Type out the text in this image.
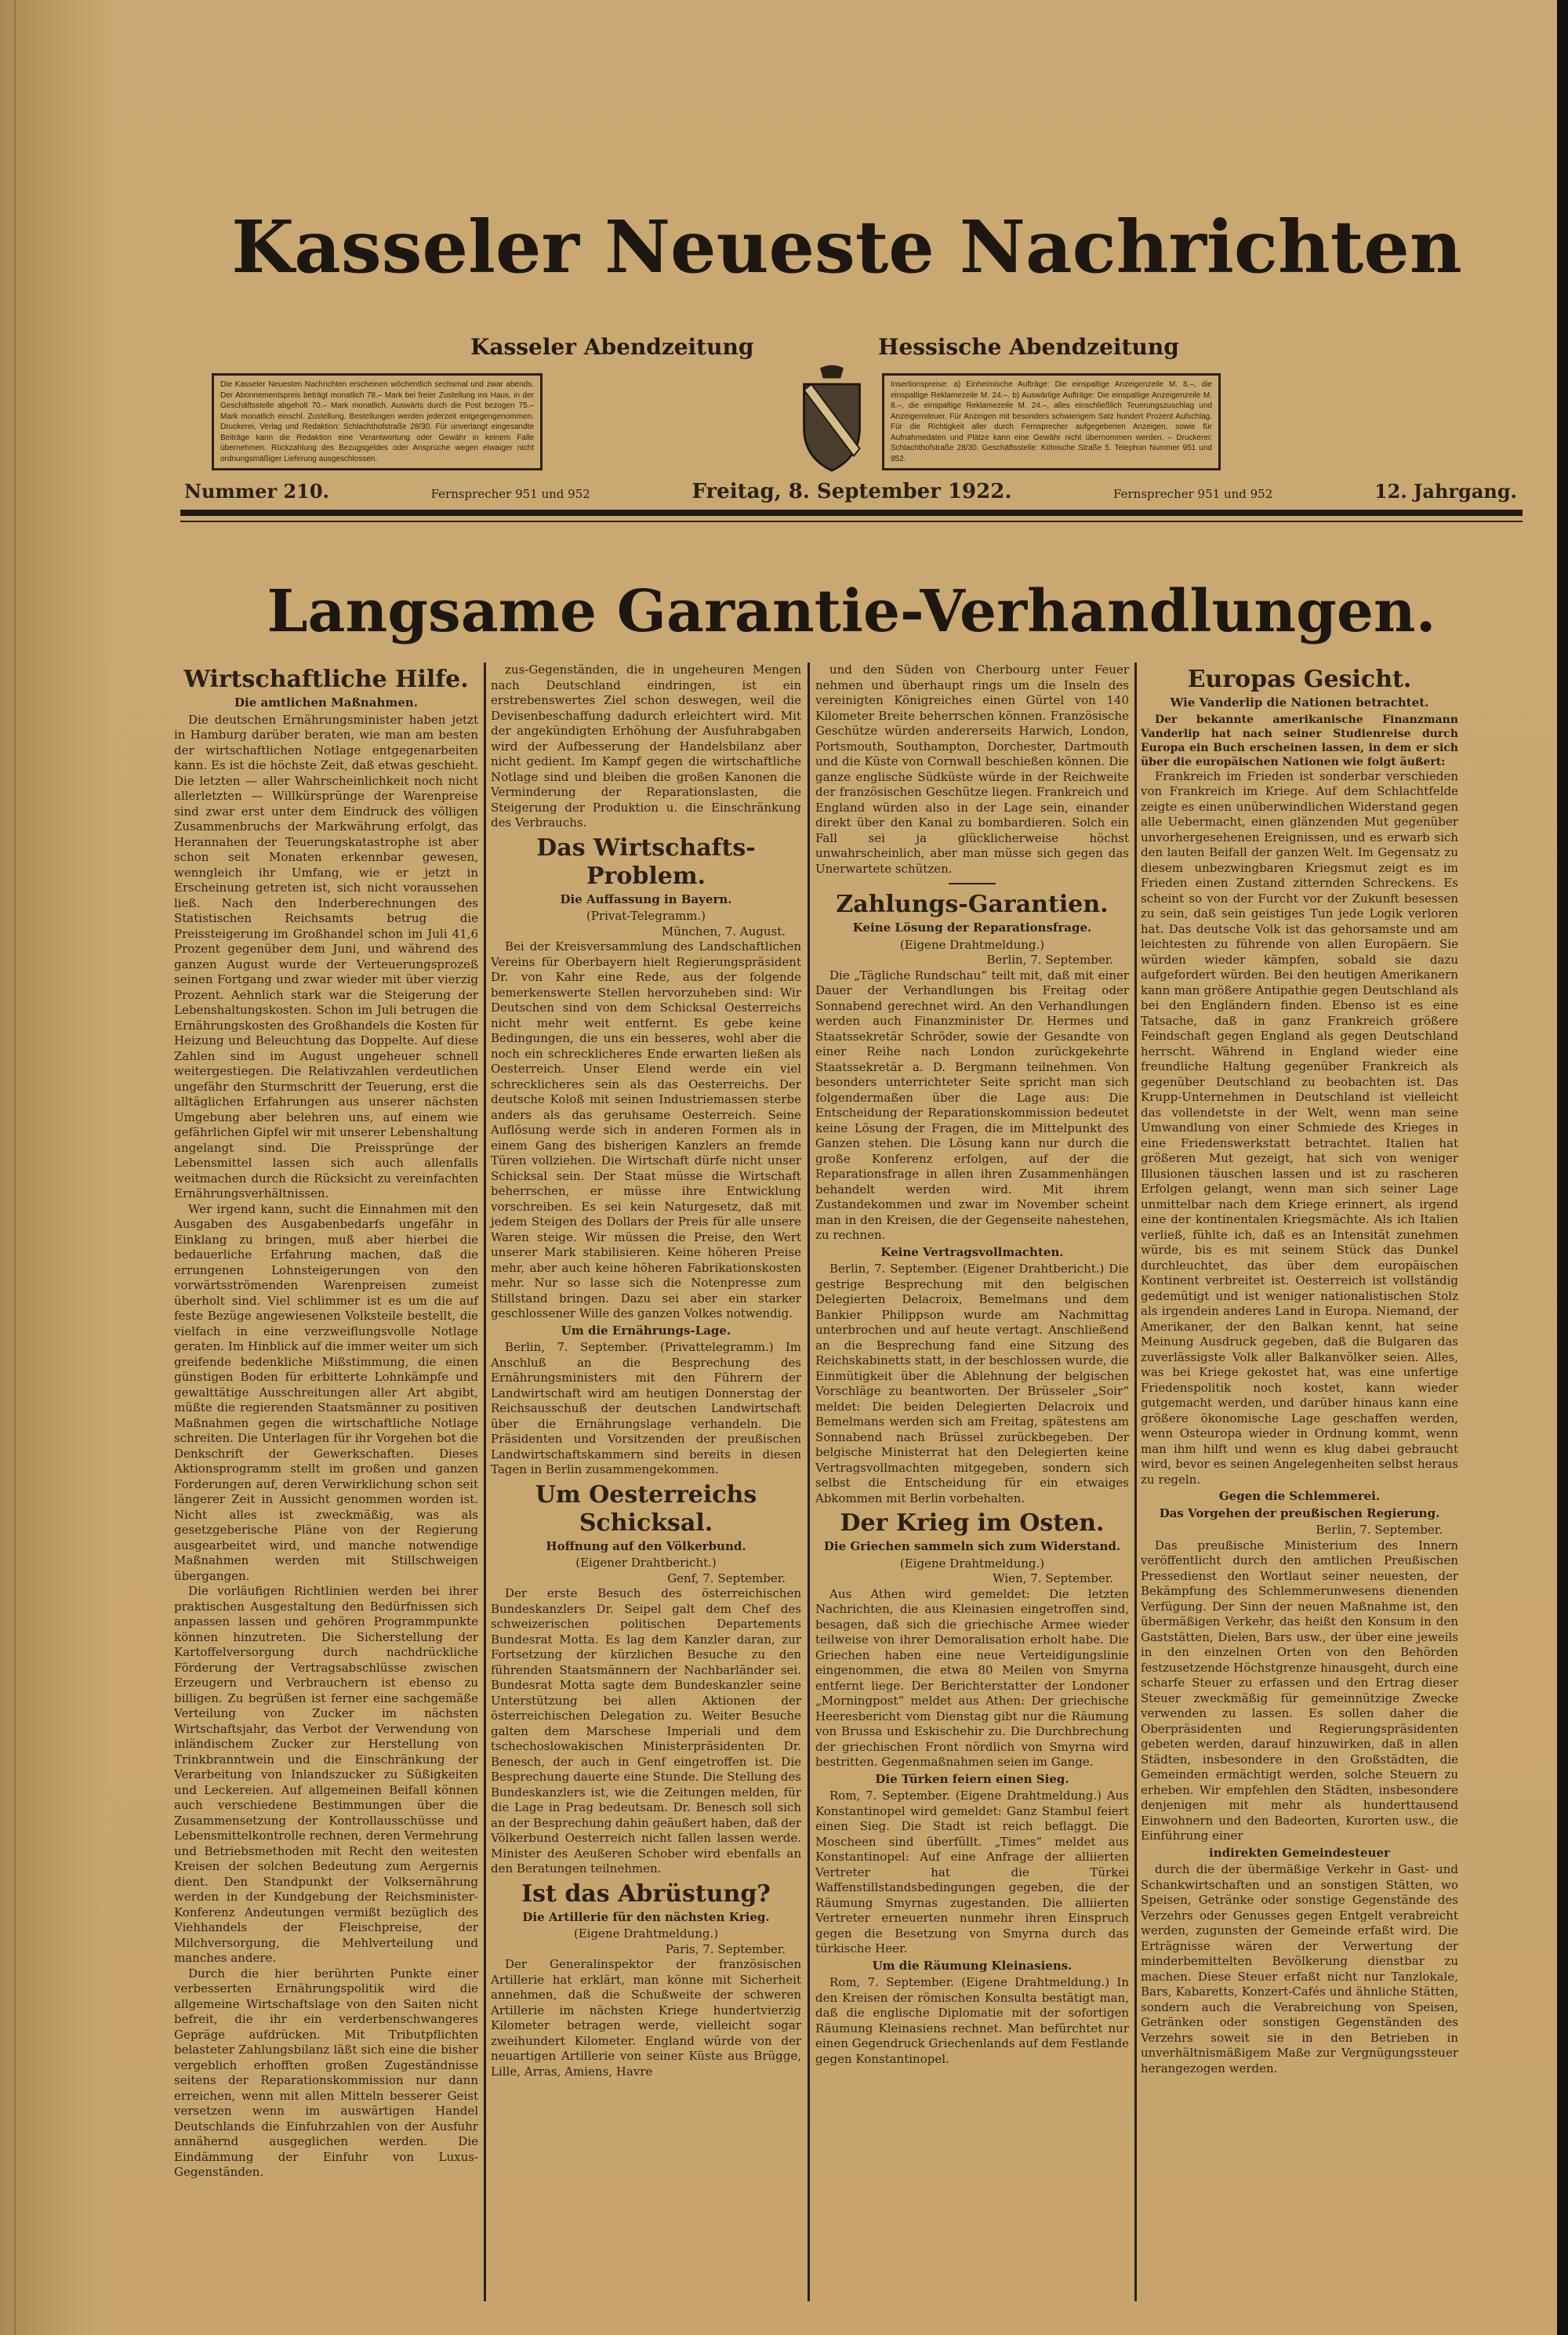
Kasseler Neueste Nachrichten
Kasseler Abendzeitung	Hessische Abendzeitung
Die Kasseler Neuesten Nachrichten erscheinen wöchentlich sechsmal und zwar abends. Der Abonnementspreis beträgt monatlich 78.– Mark bei freier Zustellung ins Haus, in der Geschäftsstelle abgeholt 70.– Mark monatlich. Auswärts durch die Post bezogen 75.– Mark monatlich einschl. Zustellung. Bestellungen werden jederzeit entgegengenommen. Druckerei, Verlag und Redaktion: Schlachthofstraße 28/30. Für unverlangt eingesandte Beiträge kann die Redaktion eine Verantwortung oder Gewähr in keinem Falle übernehmen. Rückzahlung des Bezugsgeldes oder Ansprüche wegen etwaiger nicht ordnungsmäßiger Lieferung ausgeschlossen.
Insertionspreise: a) Einheimische Aufträge: Die einspaltige Anzeigenzeile M. 8.–, die einspaltige Reklamezeile M. 24.–. b) Auswärtige Aufträge: Die einspaltige Anzeigenzeile M. 8.–, die einspaltige Reklamezeile M. 24.–, alles einschließlich Teuerungszuschlag und Anzeigensteuer. Für Anzeigen mit besonders schwierigem Satz hundert Prozent Aufschlag. Für die Richtigkeit aller durch Fernsprecher aufgegebenen Anzeigen, sowie für Aufnahmedaten und Plätze kann eine Gewähr nicht übernommen werden. – Druckerei: Schlachthofstraße 28/30. Geschäftsstelle: Kölnische Straße 5. Telephon Nummer 951 und 952.
Nummer 210.	Fernsprecher 951 und 952	Freitag, 8. September 1922.	Fernsprecher 951 und 952	12. Jahrgang.
Langsame Garantie-Verhandlungen.
Wirtschaftliche Hilfe.
Die amtlichen Maßnahmen.
Die deutschen Ernährungsminister haben jetzt in Hamburg darüber beraten, wie man am besten der wirtschaftlichen Notlage entgegenarbeiten kann. Es ist die höchste Zeit, daß etwas geschieht. Die letzten — aller Wahrscheinlichkeit noch nicht allerletzten — Willkürsprünge der Warenpreise sind zwar erst unter dem Eindruck des völligen Zusammenbruchs der Markwährung erfolgt, das Herannahen der Teuerungskatastrophe ist aber schon seit Monaten erkennbar gewesen, wenngleich ihr Umfang, wie er jetzt in Erscheinung getreten ist, sich nicht voraussehen ließ. Nach den Inderberechnungen des Statistischen Reichsamts betrug die Preissteigerung im Großhandel schon im Juli 41,6 Prozent gegenüber dem Juni, und während des ganzen August wurde der Verteuerungsprozeß seinen Fortgang und zwar wieder mit über vierzig Prozent. Aehnlich stark war die Steigerung der Lebenshaltungskosten. Schon im Juli betrugen die Ernährungskosten des Großhandels die Kosten für Heizung und Beleuchtung das Doppelte. Auf diese Zahlen sind im August ungeheuer schnell weitergestiegen. Die Relativzahlen verdeutlichen ungefähr den Sturmschritt der Teuerung, erst die alltäglichen Erfahrungen aus unserer nächsten Umgebung aber belehren uns, auf einem wie gefährlichen Gipfel wir mit unserer Lebenshaltung angelangt sind. Die Preissprünge der Lebensmittel lassen sich auch allenfalls weitmachen durch die Rücksicht zu vereinfachten Ernährungsverhältnissen.
Wer irgend kann, sucht die Einnahmen mit den Ausgaben des Ausgabenbedarfs ungefähr in Einklang zu bringen, muß aber hierbei die bedauerliche Erfahrung machen, daß die errungenen Lohnsteigerungen von den vorwärtsströmenden Warenpreisen zumeist überholt sind. Viel schlimmer ist es um die auf feste Bezüge angewiesenen Volksteile bestellt, die vielfach in eine verzweiflungsvolle Notlage geraten. Im Hinblick auf die immer weiter um sich greifende bedenkliche Mißstimmung, die einen günstigen Boden für erbitterte Lohnkämpfe und gewalttätige Ausschreitungen aller Art abgibt, müßte die regierenden Staatsmänner zu positiven Maßnahmen gegen die wirtschaftliche Notlage schreiten. Die Unterlagen für ihr Vorgehen bot die Denkschrift der Gewerkschaften. Dieses Aktionsprogramm stellt im großen und ganzen Forderungen auf, deren Verwirklichung schon seit längerer Zeit in Aussicht genommen worden ist. Nicht alles ist zweckmäßig, was als gesetzgeberische Pläne von der Regierung ausgearbeitet wird, und manche notwendige Maßnahmen werden mit Stillschweigen übergangen.
Die vorläufigen Richtlinien werden bei ihrer praktischen Ausgestaltung den Bedürfnissen sich anpassen lassen und gehören Programmpunkte können hinzutreten. Die Sicherstellung der Kartoffelversorgung durch nachdrückliche Förderung der Vertragsabschlüsse zwischen Erzeugern und Verbrauchern ist ebenso zu billigen. Zu begrüßen ist ferner eine sachgemäße Verteilung von Zucker im nächsten Wirtschaftsjahr, das Verbot der Verwendung von inländischem Zucker zur Herstellung von Trinkbranntwein und die Einschränkung der Verarbeitung von Inlandszucker zu Süßigkeiten und Leckereien. Auf allgemeinen Beifall können auch verschiedene Bestimmungen über die Zusammensetzung der Kontrollausschüsse und Lebensmittelkontrolle rechnen, deren Vermehrung und Betriebsmethoden mit Recht den weitesten Kreisen der solchen Bedeutung zum Aergernis dient. Den Standpunkt der Volksernährung werden in der Kundgebung der Reichsminister-Konferenz Andeutungen vermißt bezüglich des Viehhandels der Fleischpreise, der Milchversorgung, die Mehlverteilung und manches andere.
Durch die hier berührten Punkte einer verbesserten Ernährungspolitik wird die allgemeine Wirtschaftslage von den Saiten nicht befreit, die ihr ein verderbenschwangeres Gepräge aufdrücken. Mit Tributpflichten belasteter Zahlungsbilanz läßt sich eine die bisher vergeblich erhofften großen Zugeständnisse seitens der Reparationskommission nur dann erreichen, wenn mit allen Mitteln besserer Geist versetzen wenn im auswärtigen Handel Deutschlands die Einfuhrzahlen von der Ausfuhr annähernd ausgeglichen werden. Die Eindämmung der Einfuhr von Luxus-Gegenständen.
zus-Gegenständen, die in ungeheuren Mengen nach Deutschland eindringen, ist ein erstrebenswertes Ziel schon deswegen, weil die Devisenbeschaffung dadurch erleichtert wird. Mit der angekündigten Erhöhung der Ausfuhrabgaben wird der Aufbesserung der Handelsbilanz aber nicht gedient. Im Kampf gegen die wirtschaftliche Notlage sind und bleiben die großen Kanonen die Verminderung der Reparationslasten, die Steigerung der Produktion u. die Einschränkung des Verbrauchs.
Das Wirtschafts-Problem.
Die Auffassung in Bayern.
(Privat-Telegramm.)
München, 7. August.
Bei der Kreisversammlung des Landschaftlichen Vereins für Oberbayern hielt Regierungspräsident Dr. von Kahr eine Rede, aus der folgende bemerkenswerte Stellen hervorzuheben sind: Wir Deutschen sind von dem Schicksal Oesterreichs nicht mehr weit entfernt. Es gebe keine Bedingungen, die uns ein besseres, wohl aber die noch ein schrecklicheres Ende erwarten ließen als Oesterreich. Unser Elend werde ein viel schrecklicheres sein als das Oesterreichs. Der deutsche Koloß mit seinen Industriemassen sterbe anders als das geruhsame Oesterreich. Seine Auflösung werde sich in anderen Formen als in einem Gang des bisherigen Kanzlers an fremde Türen vollziehen. Die Wirtschaft dürfe nicht unser Schicksal sein. Der Staat müsse die Wirtschaft beherrschen, er müsse ihre Entwicklung vorschreiben. Es sei kein Naturgesetz, daß mit jedem Steigen des Dollars der Preis für alle unsere Waren steige. Wir müssen die Preise, den Wert unserer Mark stabilisieren. Keine höheren Preise mehr, aber auch keine höheren Fabrikationskosten mehr. Nur so lasse sich die Notenpresse zum Stillstand bringen. Dazu sei aber ein starker geschlossener Wille des ganzen Volkes notwendig.
Um die Ernährungs-Lage.
Berlin, 7. September. (Privattelegramm.) Im Anschluß an die Besprechung des Ernährungsministers mit den Führern der Landwirtschaft wird am heutigen Donnerstag der Reichsausschuß der deutschen Landwirtschaft über die Ernährungslage verhandeln. Die Präsidenten und Vorsitzenden der preußischen Landwirtschaftskammern sind bereits in diesen Tagen in Berlin zusammengekommen.
Um Oesterreichs Schicksal.
Hoffnung auf den Völkerbund.
(Eigener Drahtbericht.)
Genf, 7. September.
Der erste Besuch des österreichischen Bundeskanzlers Dr. Seipel galt dem Chef des schweizerischen politischen Departements Bundesrat Motta. Es lag dem Kanzler daran, zur Fortsetzung der kürzlichen Besuche zu den führenden Staatsmännern der Nachbarländer sei. Bundesrat Motta sagte dem Bundeskanzler seine Unterstützung bei allen Aktionen der österreichischen Delegation zu. Weiter Besuche galten dem Marschese Imperiali und dem tschechoslowakischen Ministerpräsidenten Dr. Benesch, der auch in Genf eingetroffen ist. Die Besprechung dauerte eine Stunde. Die Stellung des Bundeskanzlers ist, wie die Zeitungen melden, für die Lage in Prag bedeutsam. Dr. Benesch soll sich an der Besprechung dahin geäußert haben, daß der Völkerbund Oesterreich nicht fallen lassen werde. Minister des Aeußeren Schober wird ebenfalls an den Beratungen teilnehmen.
Ist das Abrüstung?
Die Artillerie für den nächsten Krieg.
(Eigene Drahtmeldung.)
Paris, 7. September.
Der Generalinspektor der französischen Artillerie hat erklärt, man könne mit Sicherheit annehmen, daß die Schußweite der schweren Artillerie im nächsten Kriege hundertvierzig Kilometer betragen werde, vielleicht sogar zweihundert Kilometer. England würde von der neuartigen Artillerie von seiner Küste aus Brügge, Lille, Arras, Amiens, Havre
und den Süden von Cherbourg unter Feuer nehmen und überhaupt rings um die Inseln des vereinigten Königreiches einen Gürtel von 140 Kilometer Breite beherrschen können. Französische Geschütze würden andererseits Harwich, London, Portsmouth, Southampton, Dorchester, Dartmouth und die Küste von Cornwall beschießen können. Die ganze englische Südküste würde in der Reichweite der französischen Geschütze liegen. Frankreich und England würden also in der Lage sein, einander direkt über den Kanal zu bombardieren. Solch ein Fall sei ja glücklicherweise höchst unwahrscheinlich, aber man müsse sich gegen das Unerwartete schützen.
Zahlungs-Garantien.
Keine Lösung der Reparationsfrage.
(Eigene Drahtmeldung.)
Berlin, 7. September.
Die „Tägliche Rundschau“ teilt mit, daß mit einer Dauer der Verhandlungen bis Freitag oder Sonnabend gerechnet wird. An den Verhandlungen werden auch Finanzminister Dr. Hermes und Staatssekretär Schröder, sowie der Gesandte von einer Reihe nach London zurückgekehrte Staatssekretär a. D. Bergmann teilnehmen. Von besonders unterrichteter Seite spricht man sich folgendermaßen über die Lage aus: Die Entscheidung der Reparationskommission bedeutet keine Lösung der Fragen, die im Mittelpunkt des Ganzen stehen. Die Lösung kann nur durch die große Konferenz erfolgen, auf der die Reparationsfrage in allen ihren Zusammenhängen behandelt werden wird. Mit ihrem Zustandekommen und zwar im November scheint man in den Kreisen, die der Gegenseite nahestehen, zu rechnen.
Keine Vertragsvollmachten.
Berlin, 7. September. (Eigener Drahtbericht.) Die gestrige Besprechung mit den belgischen Delegierten Delacroix, Bemelmans und dem Bankier Philippson wurde am Nachmittag unterbrochen und auf heute vertagt. Anschließend an die Besprechung fand eine Sitzung des Reichskabinetts statt, in der beschlossen wurde, die Einmütigkeit über die Ablehnung der belgischen Vorschläge zu beantworten. Der Brüsseler „Soir“ meldet: Die beiden Delegierten Delacroix und Bemelmans werden sich am Freitag, spätestens am Sonnabend nach Brüssel zurückbegeben. Der belgische Ministerrat hat den Delegierten keine Vertragsvollmachten mitgegeben, sondern sich selbst die Entscheidung für ein etwaiges Abkommen mit Berlin vorbehalten.
Der Krieg im Osten.
Die Griechen sammeln sich zum Widerstand.
(Eigene Drahtmeldung.)
Wien, 7. September.
Aus Athen wird gemeldet: Die letzten Nachrichten, die aus Kleinasien eingetroffen sind, besagen, daß sich die griechische Armee wieder teilweise von ihrer Demoralisation erholt habe. Die Griechen haben eine neue Verteidigungslinie eingenommen, die etwa 80 Meilen von Smyrna entfernt liege. Der Berichterstatter der Londoner „Morningpost“ meldet aus Athen: Der griechische Heeresbericht vom Dienstag gibt nur die Räumung von Brussa und Eskischehir zu. Die Durchbrechung der griechischen Front nördlich von Smyrna wird bestritten. Gegenmaßnahmen seien im Gange.
Die Türken feiern einen Sieg.
Rom, 7. September. (Eigene Drahtmeldung.) Aus Konstantinopel wird gemeldet: Ganz Stambul feiert einen Sieg. Die Stadt ist reich beflaggt. Die Moscheen sind überfüllt. „Times“ meldet aus Konstantinopel: Auf eine Anfrage der alliierten Vertreter hat die Türkei Waffenstillstandsbedingungen gegeben, die der Räumung Smyrnas zugestanden. Die alliierten Vertreter erneuerten nunmehr ihren Einspruch gegen die Besetzung von Smyrna durch das türkische Heer.
Um die Räumung Kleinasiens.
Rom, 7. September. (Eigene Drahtmeldung.) In den Kreisen der römischen Konsulta bestätigt man, daß die englische Diplomatie mit der sofortigen Räumung Kleinasiens rechnet. Man befürchtet nur einen Gegendruck Griechenlands auf dem Festlande gegen Konstantinopel.
Europas Gesicht.
Wie Vanderlip die Nationen betrachtet.
Der bekannte amerikanische Finanzmann Vanderlip hat nach seiner Studienreise durch Europa ein Buch erscheinen lassen, in dem er sich über die europäischen Nationen wie folgt äußert:
Frankreich im Frieden ist sonderbar verschieden von Frankreich im Kriege. Auf dem Schlachtfelde zeigte es einen unüberwindlichen Widerstand gegen alle Uebermacht, einen glänzenden Mut gegenüber unvorhergesehenen Ereignissen, und es erwarb sich den lauten Beifall der ganzen Welt. Im Gegensatz zu diesem unbezwingbaren Kriegsmut zeigt es im Frieden einen Zustand zitternden Schreckens. Es scheint so von der Furcht vor der Zukunft besessen zu sein, daß sein geistiges Tun jede Logik verloren hat. Das deutsche Volk ist das gehorsamste und am leichtesten zu führende von allen Europäern. Sie würden wieder kämpfen, sobald sie dazu aufgefordert würden. Bei den heutigen Amerikanern kann man größere Antipathie gegen Deutschland als bei den Engländern finden. Ebenso ist es eine Tatsache, daß in ganz Frankreich größere Feindschaft gegen England als gegen Deutschland herrscht. Während in England wieder eine freundliche Haltung gegenüber Frankreich als gegenüber Deutschland zu beobachten ist. Das Krupp-Unternehmen in Deutschland ist vielleicht das vollendetste in der Welt, wenn man seine Umwandlung von einer Schmiede des Krieges in eine Friedenswerkstatt betrachtet. Italien hat größeren Mut gezeigt, hat sich von weniger Illusionen täuschen lassen und ist zu rascheren Erfolgen gelangt, wenn man sich seiner Lage unmittelbar nach dem Kriege erinnert, als irgend eine der kontinentalen Kriegsmächte. Als ich Italien verließ, fühlte ich, daß es an Intensität zunehmen würde, bis es mit seinem Stück das Dunkel durchleuchtet, das über dem europäischen Kontinent verbreitet ist. Oesterreich ist vollständig gedemütigt und ist weniger nationalistischen Stolz als irgendein anderes Land in Europa. Niemand, der Amerikaner, der den Balkan kennt, hat seine Meinung Ausdruck gegeben, daß die Bulgaren das zuverlässigste Volk aller Balkanvölker seien. Alles, was bei Kriege gekostet hat, was eine unfertige Friedenspolitik noch kostet, kann wieder gutgemacht werden, und darüber hinaus kann eine größere ökonomische Lage geschaffen werden, wenn Osteuropa wieder in Ordnung kommt, wenn man ihm hilft und wenn es klug dabei gebraucht wird, bevor es seinen Angelegenheiten selbst heraus zu regeln.
Gegen die Schlemmerei.
Das Vorgehen der preußischen Regierung.
Berlin, 7. September.
Das preußische Ministerium des Innern veröffentlicht durch den amtlichen Preußischen Pressedienst den Wortlaut seiner neuesten, der Bekämpfung des Schlemmerunwesens dienenden Verfügung. Der Sinn der neuen Maßnahme ist, den übermäßigen Verkehr, das heißt den Konsum in den Gaststätten, Dielen, Bars usw., der über eine jeweils in den einzelnen Orten von den Behörden festzusetzende Höchstgrenze hinausgeht, durch eine scharfe Steuer zu erfassen und den Ertrag dieser Steuer zweckmäßig für gemeinnützige Zwecke verwenden zu lassen. Es sollen daher die Oberpräsidenten und Regierungspräsidenten gebeten werden, darauf hinzuwirken, daß in allen Städten, insbesondere in den Großstädten, die Gemeinden ermächtigt werden, solche Steuern zu erheben. Wir empfehlen den Städten, insbesondere denjenigen mit mehr als hunderttausend Einwohnern und den Badeorten, Kurorten usw., die Einführung einer
indirekten Gemeindesteuer
durch die der übermäßige Verkehr in Gast- und Schankwirtschaften und an sonstigen Stätten, wo Speisen, Getränke oder sonstige Gegenstände des Verzehrs oder Genusses gegen Entgelt verabreicht werden, zugunsten der Gemeinde erfaßt wird. Die Erträgnisse wären der Verwertung der minderbemittelten Bevölkerung dienstbar zu machen. Diese Steuer erfaßt nicht nur Tanzlokale, Bars, Kabaretts, Konzert-Cafés und ähnliche Stätten, sondern auch die Verabreichung von Speisen, Getränken oder sonstigen Gegenständen des Verzehrs soweit sie in den Betrieben in unverhältnismäßigem Maße zur Vergnügungssteuer herangezogen werden.
